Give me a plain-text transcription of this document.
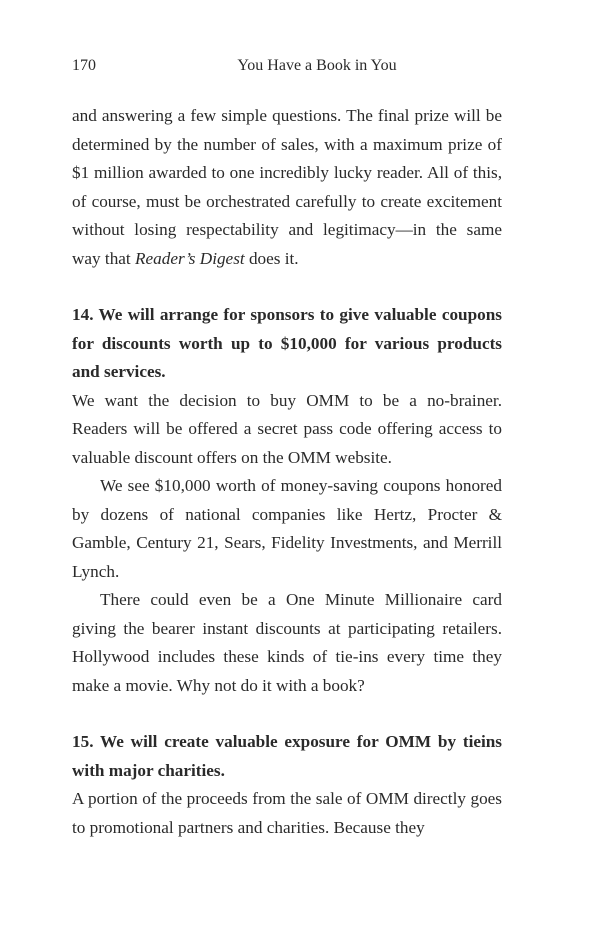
170	You Have a Book in You

and answering a few simple questions. The final prize will be determined by the number of sales, with a maximum prize of $1 million awarded to one incredibly lucky reader. All of this, of course, must be orchestrated carefully to create excitement without losing respectability and legitimacy—in the same way that Reader’s Digest does it.

14. We will arrange for sponsors to give valuable coupons for discounts worth up to $10,000 for various products and services.

We want the decision to buy OMM to be a no-brainer. Readers will be offered a secret pass code offering access to valuable discount offers on the OMM website.

We see $10,000 worth of money-saving coupons honored by dozens of national companies like Hertz, Procter & Gamble, Century 21, Sears, Fidelity Investments, and Merrill Lynch.

There could even be a One Minute Millionaire card giving the bearer instant discounts at participating retailers. Hollywood includes these kinds of tie-ins every time they make a movie. Why not do it with a book?

15. We will create valuable exposure for OMM by tieins with major charities.

A portion of the proceeds from the sale of OMM directly goes to promotional partners and charities. Because they
